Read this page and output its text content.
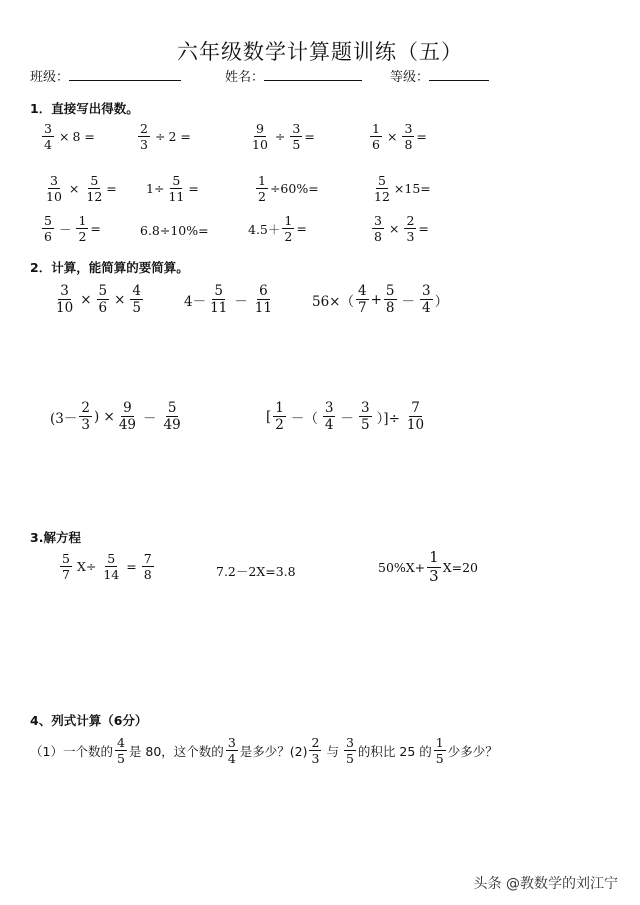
六年级数学计算题训练（五）
班级：	姓名：	等级：
1．直接写出得数。
$\frac{3}{4} \times 8$ =	$\frac{2}{3} \div 2$ =	$\frac{9}{10} \div \frac{3}{5}$ =	$\frac{1}{6} \times \frac{3}{8}$ =
$\frac{3}{10} \times \frac{5}{12} = 1\div \frac{5}{11}$ =	$\frac{1}{2} \div 60\%=$	$\frac{5}{12} \times 15=$
$\frac{5}{6} - \frac{1}{2}$ =	6.8÷10%=	$4.5+ \frac{1}{2}$ =	$\frac{3}{8} \times \frac{2}{3}$ =
2．计算，能简算的要简算。
$\frac{3}{10} \times \frac{5}{6} \times \frac{4}{5}$	$4- \frac{5}{11} - \frac{6}{11}$	$56\times( \frac{4}{7} + \frac{5}{8} - \frac{3}{4}$ ）
($3- \frac{2}{3}$ ) × $\frac{9}{49} - \frac{5}{49}$	[ $\frac{1}{2}$ －（ $\frac{3}{4} - \frac{3}{5}$ ）]÷ $\frac{7}{10}$
3.解方程
$\frac{5}{7} X\div \frac{5}{14} = \frac{7}{8}$	7.2－2X=3.8	$50\%X+ \frac{1}{3} X=20$
4、列式计算（6分）
（1）一个数的 $\frac{4}{5}$ 是 80，这个数的 $\frac{3}{4}$ 是多少？$(2) \frac{2}{3}$ 与 $\frac{3}{5}$ 的积比 25 的 $\frac{1}{5}$ 少多少？
头条 @教数学的刘江宁
